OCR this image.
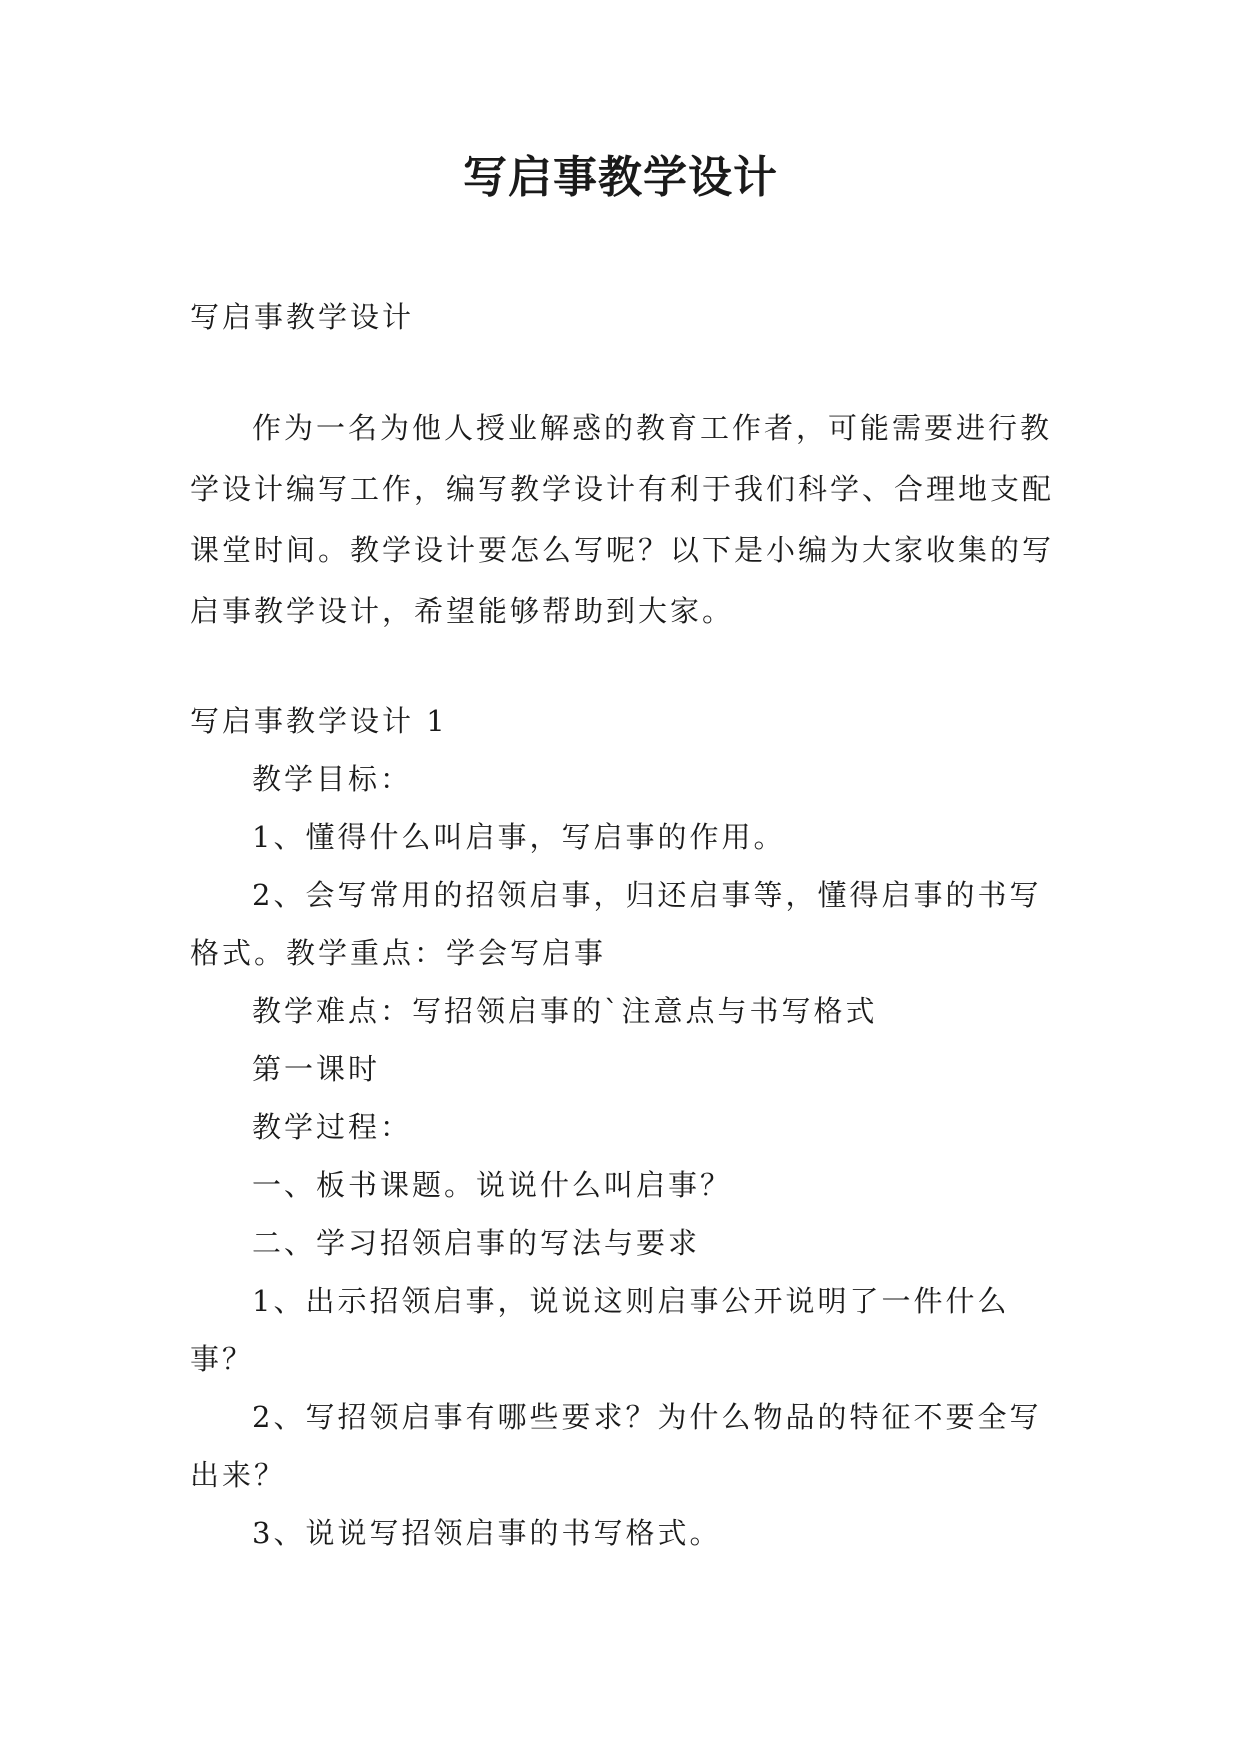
写启事教学设计

写启事教学设计

作为一名为他人授业解惑的教育工作者，可能需要进行教学设计编写工作，编写教学设计有利于我们科学、合理地支配课堂时间。教学设计要怎么写呢？以下是小编为大家收集的写启事教学设计，希望能够帮助到大家。

写启事教学设计 1

教学目标：

1、懂得什么叫启事，写启事的作用。

2、会写常用的招领启事，归还启事等，懂得启事的书写格式。教学重点：学会写启事

教学难点：写招领启事的`注意点与书写格式

第一课时

教学过程：

一、板书课题。说说什么叫启事？

二、学习招领启事的写法与要求

1、出示招领启事，说说这则启事公开说明了一件什么事？

2、写招领启事有哪些要求？为什么物品的特征不要全写出来？

3、说说写招领启事的书写格式。
